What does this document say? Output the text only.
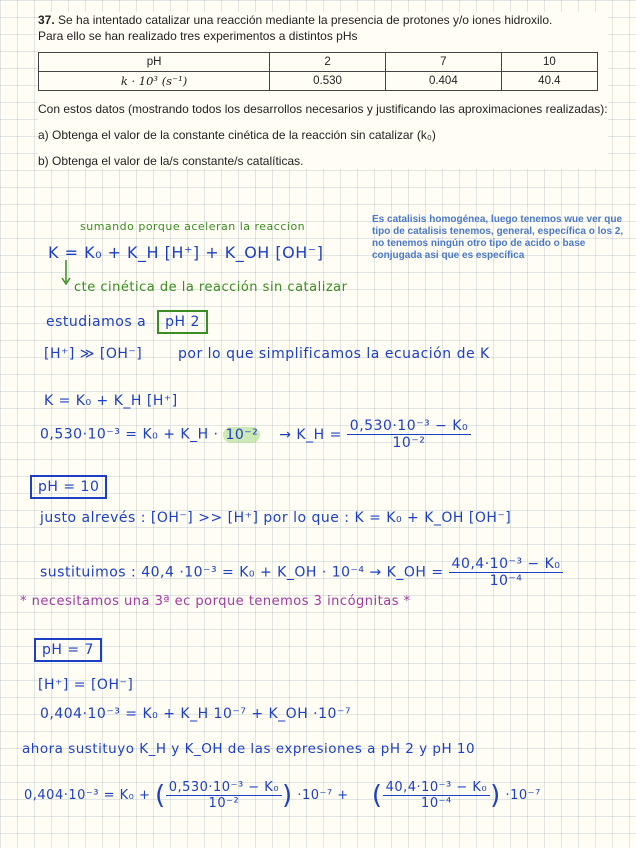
37. Se ha intentado catalizar una reacción mediante la presencia de protones y/o iones hidroxilo.

Para ello se han realizado tres experimentos a distintos pHs

pH	2	7	10
k · 10³ (s⁻¹)	0.530	0.404	40.4

Con estos datos (mostrando todos los desarrollos necesarios y justificando las aproximaciones realizadas):

a) Obtenga el valor de la constante cinética de la reacción sin catalizar (k₀)

b) Obtenga el valor de la/s constante/s catalíticas.

Es catalisis homogénea, luego tenemos wue ver que tipo de catalisis tenemos, general, específica o los 2, no tenemos ningún otro tipo de acido o base conjugada asi que es específica
sumando porque aceleran la reaccion
K = K₀ + K_H [H⁺] + K_OH [OH⁻]
cte cinética de la reacción sin catalizar
estudiamos a pH 2
[H⁺] ≫ [OH⁻]	por lo que simplificamos la ecuación de K
K = K₀ + K_H [H⁺]
0,530·10⁻³ = K₀ + K_H · 10⁻² → K_H = $\frac{\text{0,530·10⁻³ − K₀}}{\text{10⁻²}}$
pH = 10
justo alrevés : [OH⁻] >> [H⁺] por lo que : K = K₀ + K_OH [OH⁻]
sustituimos : 40,4 ·10⁻³ = K₀ + K_OH · 10⁻⁴ → K_OH = $\frac{\text{40,4·10⁻³ − K₀}}{\text{10⁻⁴}}$
* necesitamos una 3ª ec porque tenemos 3 incógnitas *
pH = 7
[H⁺] = [OH⁻]
0,404·10⁻³ = K₀ + K_H 10⁻⁷ + K_OH ·10⁻⁷
ahora sustituyo K_H y K_OH de las expresiones a pH 2 y pH 10
0,404·10⁻³ = K₀ + ( $\frac{\text{0,530·10⁻³ − K₀}}{\text{10⁻²}}$ ) ·10⁻⁷ + ( $\frac{\text{40,4·10⁻³ − K₀}}{\text{10⁻⁴}}$ ) ·10⁻⁷
